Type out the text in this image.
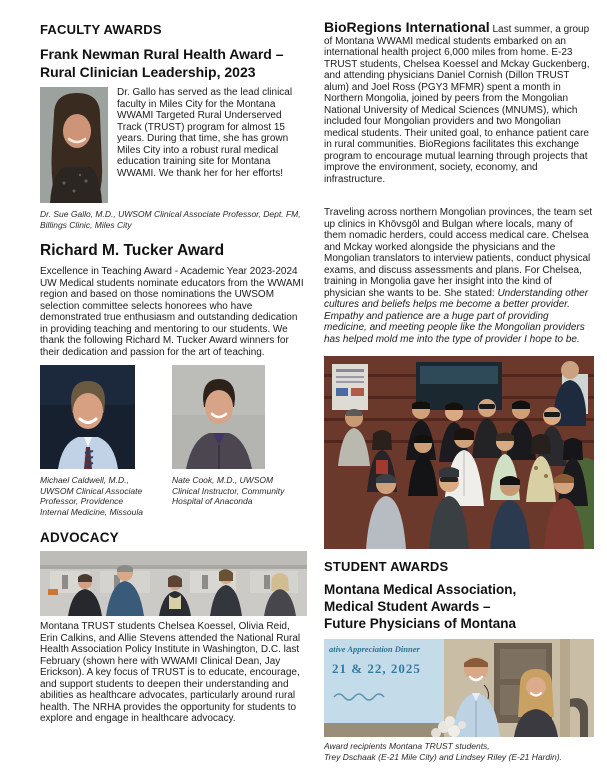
FACULTY AWARDS
Frank Newman Rural Health Award –
Rural Clinician Leadership, 2023
Dr. Gallo has served as the lead clinical faculty in Miles City for the Montana WWAMI Targeted Rural Underserved Track (TRUST) program for almost 15 years. During that time, she has grown Miles City into a robust rural medical education training site for Montana WWAMI. We thank her for her efforts!
Dr. Sue Gallo, M.D., UWSOM Clinical Associate Professor, Dept. FM, Billings Clinic, Miles City
Richard M. Tucker Award
Excellence in Teaching Award - Academic Year 2023-2024 UW Medical students nominate educators from the WWAMI region and based on those nominations the UWSOM selection committee selects honorees who have demonstrated true enthusiasm and outstanding dedication in providing teaching and mentoring to our students. We thank the following Richard M. Tucker Award winners for their dedication and passion for the art of teaching.
Michael Caldwell, M.D., UWSOM Clinical Associate Professor, Providence Internal Medicine, Missoula
Nate Cook, M.D., UWSOM Clinical Instructor, Community Hospital of Anaconda
ADVOCACY
Montana TRUST students Chelsea Koessel, Olivia Reid, Erin Calkins, and Allie Stevens attended the National Rural Health Association Policy Institute in Washington, D.C. last February (shown here with WWAMI Clinical Dean, Jay Erickson). A key focus of TRUST is to educate, encourage, and support students to deepen their understanding and abilities as healthcare advocates, particularly around rural health. The NRHA provides the opportunity for students to explore and engage in healthcare advocacy.
BioRegions International Last summer, a group of Montana WWAMI medical students embarked on an international health project 6,000 miles from home. E-23 TRUST students, Chelsea Koessel and Mckay Guckenberg, and attending physicians Daniel Cornish (Dillon TRUST alum) and Joel Ross (PGY3 MFMR) spent a month in Northern Mongolia, joined by peers from the Mongolian National University of Medical Sciences (MNUMS), which included four Mongolian providers and two Mongolian medical students. Their united goal, to enhance patient care in rural communities. BioRegions facilitates this exchange program to encourage mutual learning through projects that improve the environment, society, economy, and infrastructure.
Traveling across northern Mongolian provinces, the team set up clinics in Khōvsgōl and Bulgan where locals, many of them nomadic herders, could access medical care. Chelsea and Mckay worked alongside the physicians and the Mongolian translators to interview patients, conduct physical exams, and discuss assessments and plans. For Chelsea, training in Mongolia gave her insight into the kind of physician she wants to be. She stated: Understanding other cultures and beliefs helps me become a better provider. Empathy and patience are a huge part of providing medicine, and meeting people like the Mongolian providers has helped mold me into the type of provider I hope to be.
STUDENT AWARDS
Montana Medical Association,
Medical Student Awards –
Future Physicians of Montana
ative Appreciation Dinner
21 & 22, 2025
Award recipients Montana TRUST students,
Trey Dschaak (E-21 Mile City) and Lindsey Riley (E-21 Hardin).
